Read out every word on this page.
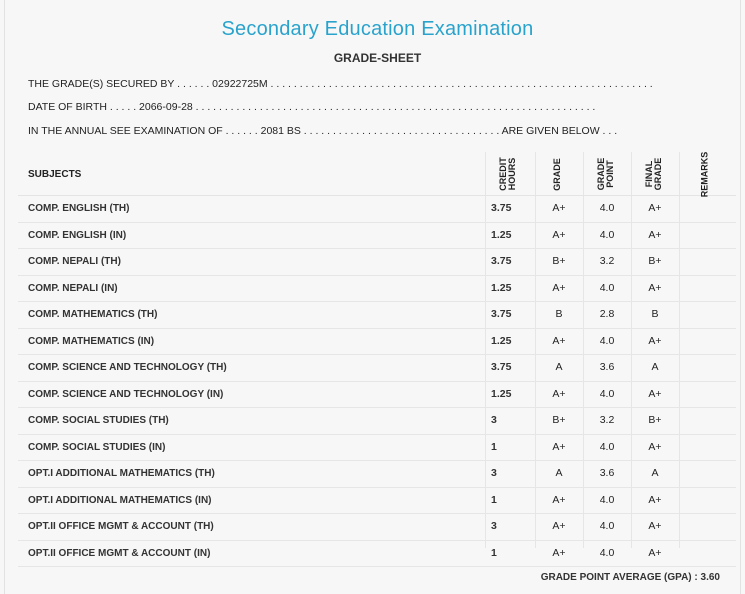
Secondary Education Examination
GRADE-SHEET
THE GRADE(S) SECURED BY . . . . . . 02922725M . . . . . . . . . . . . . . . . . . . . . . . . . . . . . . . . . . . . . . . . . . . . . . . . . . . . . . . . . . . . . . . . . .
DATE OF BIRTH . . . . . 2066-09-28 . . . . . . . . . . . . . . . . . . . . . . . . . . . . . . . . . . . . . . . . . . . . . . . . . . . . . . . . . . . . . . . . . . . . .
IN THE ANNUAL SEE EXAMINATION OF . . . . . . 2081 BS . . . . . . . . . . . . . . . . . . . . . . . . . . . . . . . . . . ARE GIVEN BELOW . . .
SUBJECTS	CREDIT HOURS	GRADE	GRADE POINT	FINAL GRADE	REMARKS
COMP. ENGLISH (TH)	3.75	A+	4.0	A+
COMP. ENGLISH (IN)	1.25	A+	4.0	A+
COMP. NEPALI (TH)	3.75	B+	3.2	B+
COMP. NEPALI (IN)	1.25	A+	4.0	A+
COMP. MATHEMATICS (TH)	3.75	B	2.8	B
COMP. MATHEMATICS (IN)	1.25	A+	4.0	A+
COMP. SCIENCE AND TECHNOLOGY (TH)	3.75	A	3.6	A
COMP. SCIENCE AND TECHNOLOGY (IN)	1.25	A+	4.0	A+
COMP. SOCIAL STUDIES (TH)	3	B+	3.2	B+
COMP. SOCIAL STUDIES (IN)	1	A+	4.0	A+
OPT.I ADDITIONAL MATHEMATICS (TH)	3	A	3.6	A
OPT.I ADDITIONAL MATHEMATICS (IN)	1	A+	4.0	A+
OPT.II OFFICE MGMT & ACCOUNT (TH)	3	A+	4.0	A+
OPT.II OFFICE MGMT & ACCOUNT (IN)	1	A+	4.0	A+
GRADE POINT AVERAGE (GPA) : 3.60
